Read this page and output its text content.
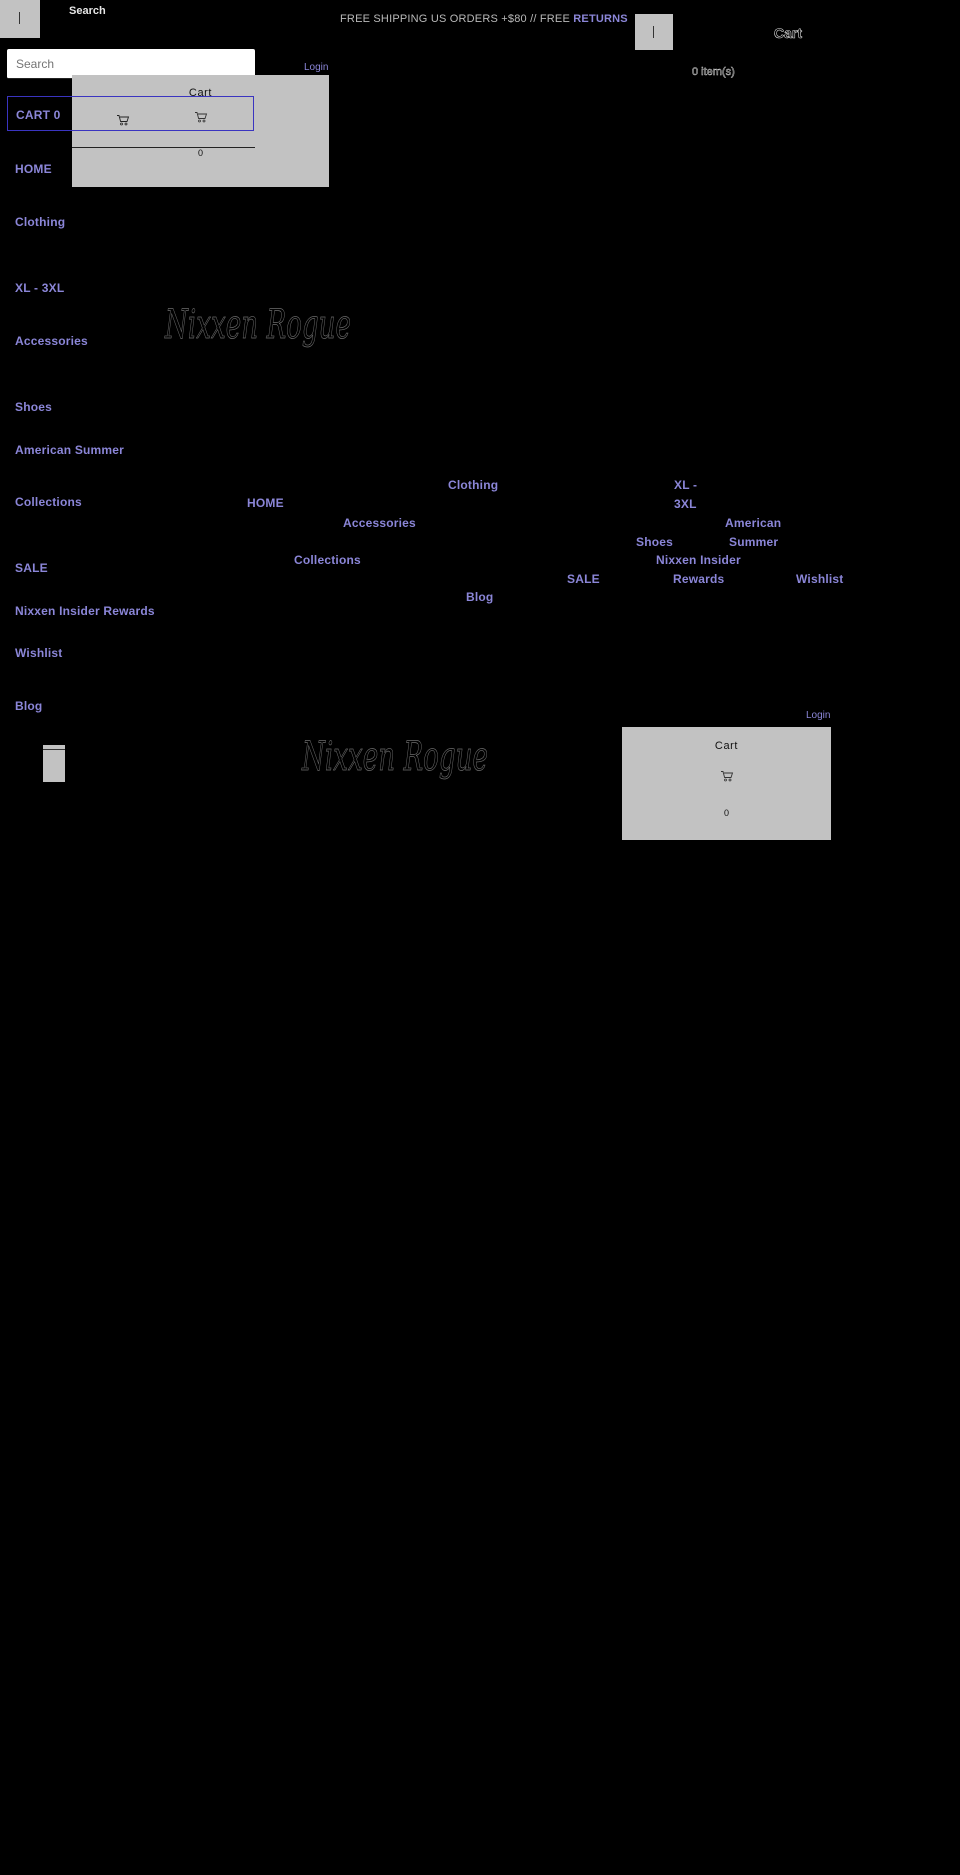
Search
FREE SHIPPING US ORDERS +$80 // FREE RETURNS
Cart
0 item(s)
Search
Login
Cart
0
CART 0
HOME
Clothing
XL - 3XL
Accessories
Shoes
American Summer
Collections
SALE
Nixxen Insider Rewards
Wishlist
Blog
Nixxen Rogue
HOME
Clothing	XL -
3XL
Accessories	American
Shoes	Summer
Collections	Nixxen Insider
SALE	Rewards	Wishlist
Blog
Nixxen Rogue
Login
Cart
0
